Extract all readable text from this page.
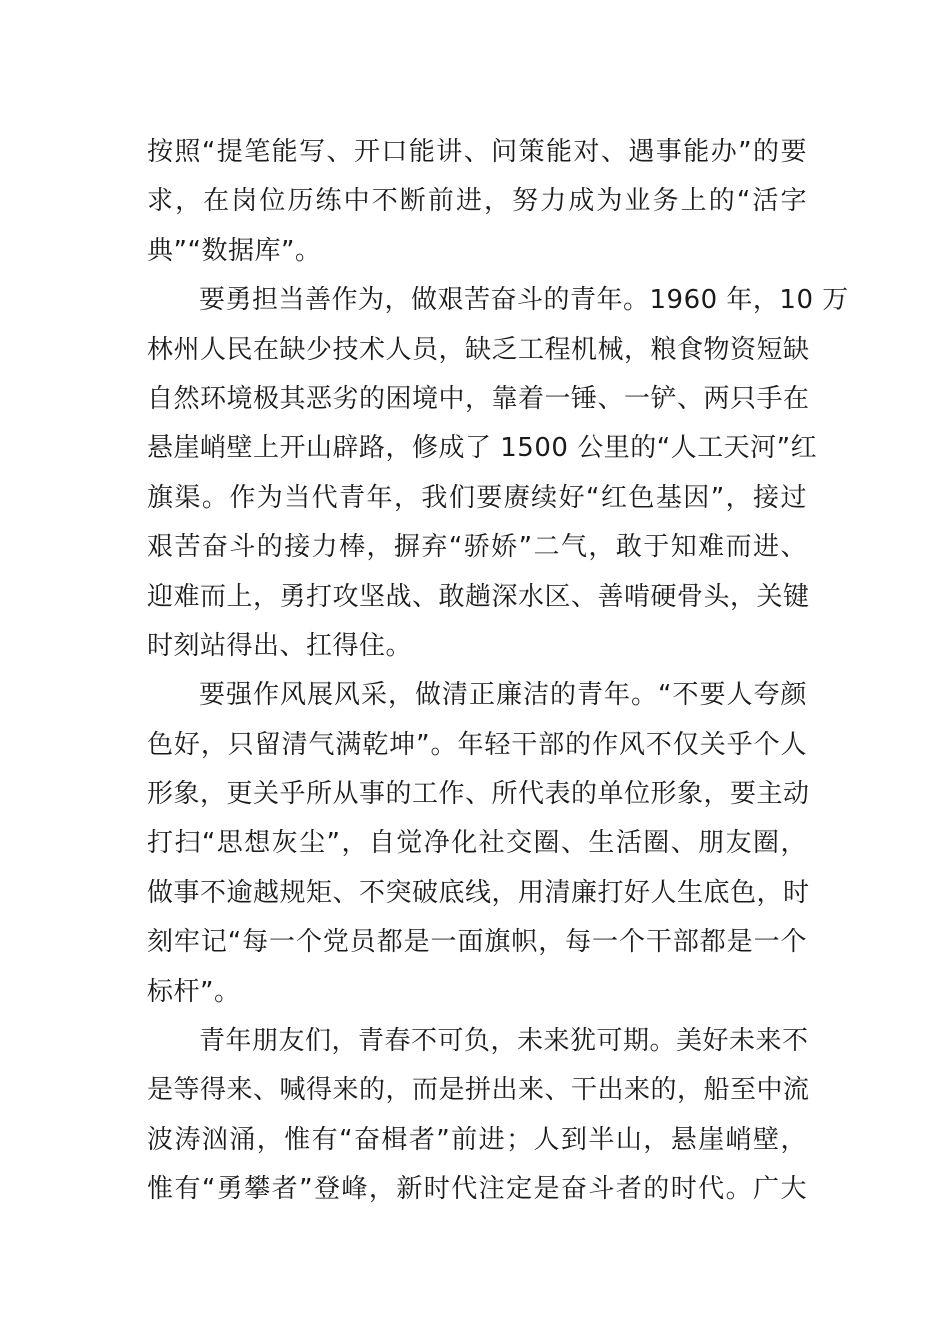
按照“提笔能写、开口能讲、问策能对、遇事能办”的要
求，在岗位历练中不断前进，努力成为业务上的“活字
典”“数据库”。
要勇担当善作为，做艰苦奋斗的青年。1960 年，10 万
林州人民在缺少技术人员，缺乏工程机械，粮食物资短缺
自然环境极其恶劣的困境中，靠着一锤、一铲、两只手在
悬崖峭壁上开山辟路，修成了 1500 公里的“人工天河”红
旗渠。作为当代青年，我们要赓续好“红色基因”，接过
艰苦奋斗的接力棒，摒弃“骄娇”二气，敢于知难而进、
迎难而上，勇打攻坚战、敢趟深水区、善啃硬骨头，关键
时刻站得出、扛得住。
要强作风展风采，做清正廉洁的青年。“不要人夸颜
色好，只留清气满乾坤”。年轻干部的作风不仅关乎个人
形象，更关乎所从事的工作、所代表的单位形象，要主动
打扫“思想灰尘”，自觉净化社交圈、生活圈、朋友圈，
做事不逾越规矩、不突破底线，用清廉打好人生底色，时
刻牢记“每一个党员都是一面旗帜，每一个干部都是一个
标杆”。
青年朋友们，青春不可负，未来犹可期。美好未来不
是等得来、喊得来的，而是拼出来、干出来的，船至中流
波涛汹涌，惟有“奋楫者”前进；人到半山，悬崖峭壁，
惟有“勇攀者”登峰，新时代注定是奋斗者的时代。广大
